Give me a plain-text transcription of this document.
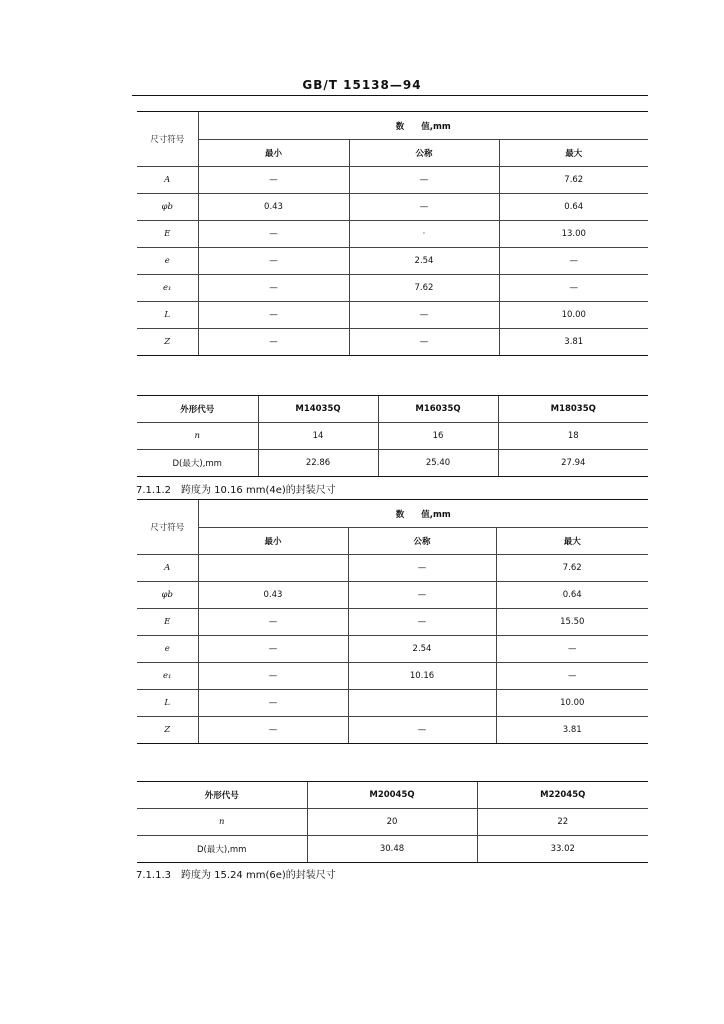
GB/T 15138—94
尺寸符号	数　　值,mm		
	最小	公称	最大
A	—	—	7.62
φb	0.43	—	0.64
E	—	·	13.00
e	—	2.54	—
e₁	—	7.62	—
L	—	—	10.00
Z	—	—	3.81
外形代号	M14035Q	M16035Q	M18035Q
n	14	16	18
D(最大),mm	22.86	25.40	27.94
7.1.1.2　跨度为 10.16 mm(4e)的封装尺寸
尺寸符号	数　　值,mm		
	最小	公称	最大
A		—	7.62
φb	0.43	—	0.64
E	—	—	15.50
e	—	2.54	—
e₁	—	10.16	—
L	—		10.00
Z	—	—	3.81
外形代号	M20045Q	M22045Q
n	20	22
D(最大),mm	30.48	33.02
7.1.1.3　跨度为 15.24 mm(6e)的封装尺寸
